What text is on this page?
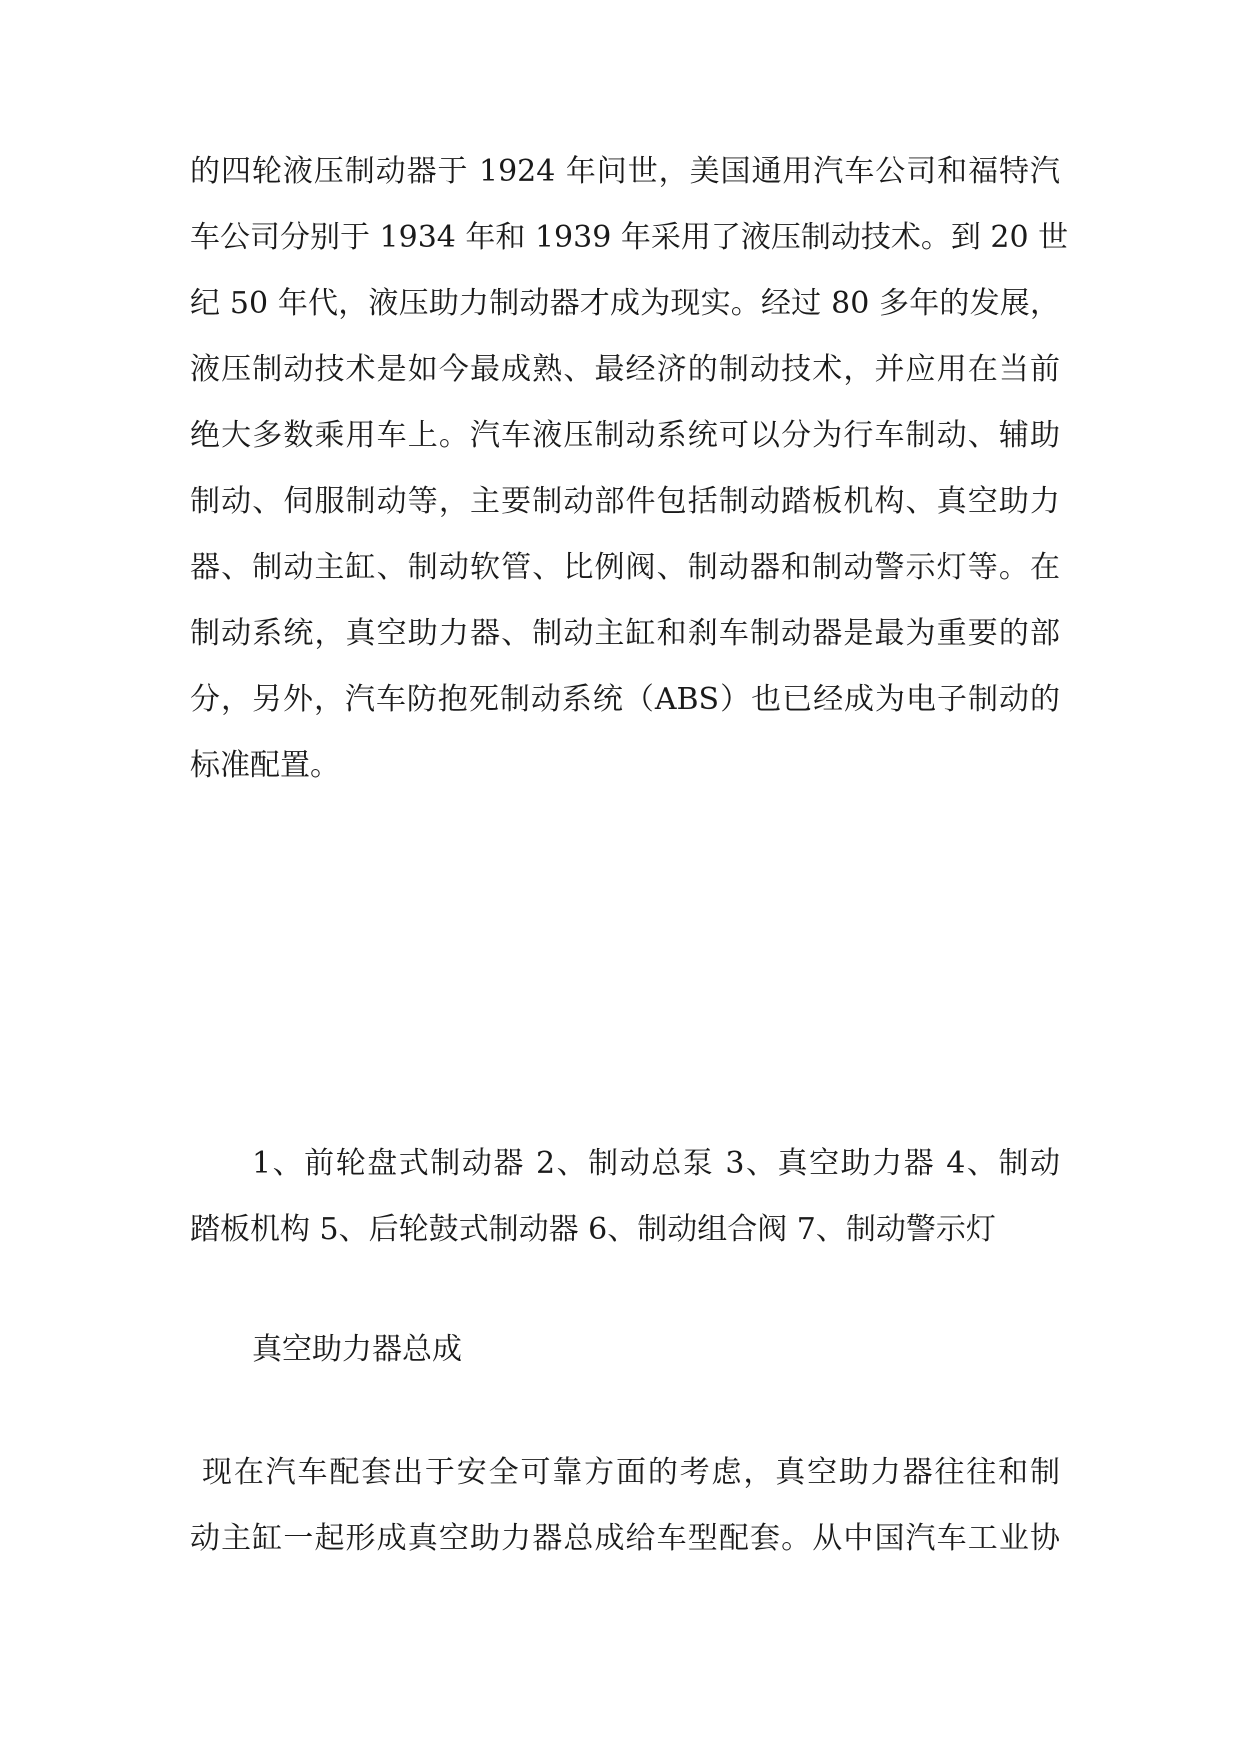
的四轮液压制动器于 1924 年问世，美国通用汽车公司和福特汽
车公司分别于 1934 年和 1939 年采用了液压制动技术。到 20 世
纪 50 年代，液压助力制动器才成为现实。经过 80 多年的发展，
液压制动技术是如今最成熟、最经济的制动技术，并应用在当前
绝大多数乘用车上。汽车液压制动系统可以分为行车制动、辅助
制动、伺服制动等，主要制动部件包括制动踏板机构、真空助力
器、制动主缸、制动软管、比例阀、制动器和制动警示灯等。在
制动系统，真空助力器、制动主缸和刹车制动器是最为重要的部
分，另外，汽车防抱死制动系统（ABS）也已经成为电子制动的
标准配置。
1、前轮盘式制动器 2、制动总泵 3、真空助力器 4、制动
踏板机构 5、后轮鼓式制动器 6、制动组合阀 7、制动警示灯
真空助力器总成
现在汽车配套出于安全可靠方面的考虑，真空助力器往往和制
动主缸一起形成真空助力器总成给车型配套。从中国汽车工业协
